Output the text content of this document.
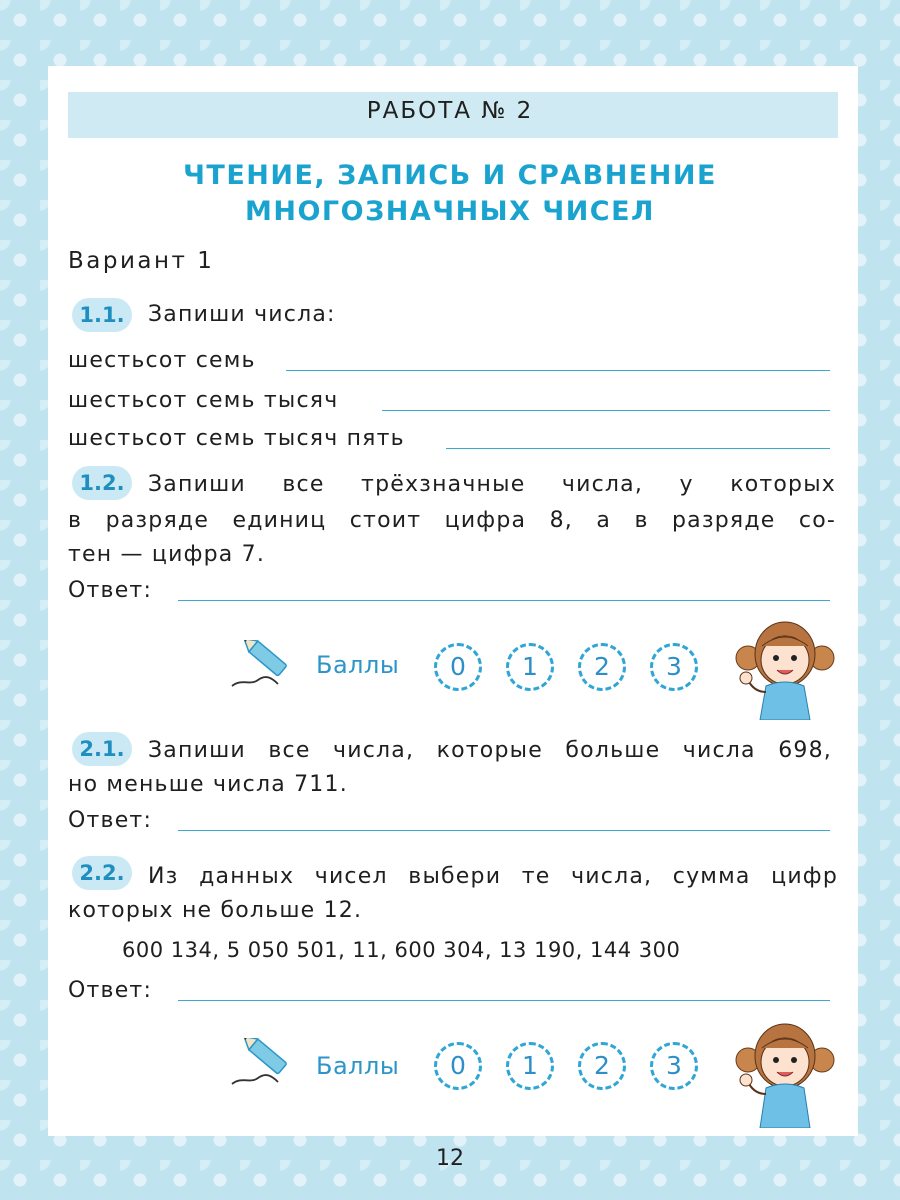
РАБОТА № 2
ЧТЕНИЕ, ЗАПИСЬ И СРАВНЕНИЕ
МНОГОЗНАЧНЫХ ЧИСЕЛ
Вариант 1
1.1.	Запиши числа:
шестьсот семь
шестьсот семь тысяч
шестьсот семь тысяч пять
1.2.	Запиши все трёхзначные числа, у которых
в разряде единиц стоит цифра 8, а в разряде со-
тен — цифра 7.
Ответ:
Баллы	0	1	2	3
2.1.	Запиши все числа, которые больше числа 698,
но меньше числа 711.
Ответ:
2.2.	Из данных чисел выбери те числа, сумма цифр
которых не больше 12.
600 134, 5 050 501, 11, 600 304, 13 190, 144 300
Ответ:
Баллы	0	1	2	3
12
